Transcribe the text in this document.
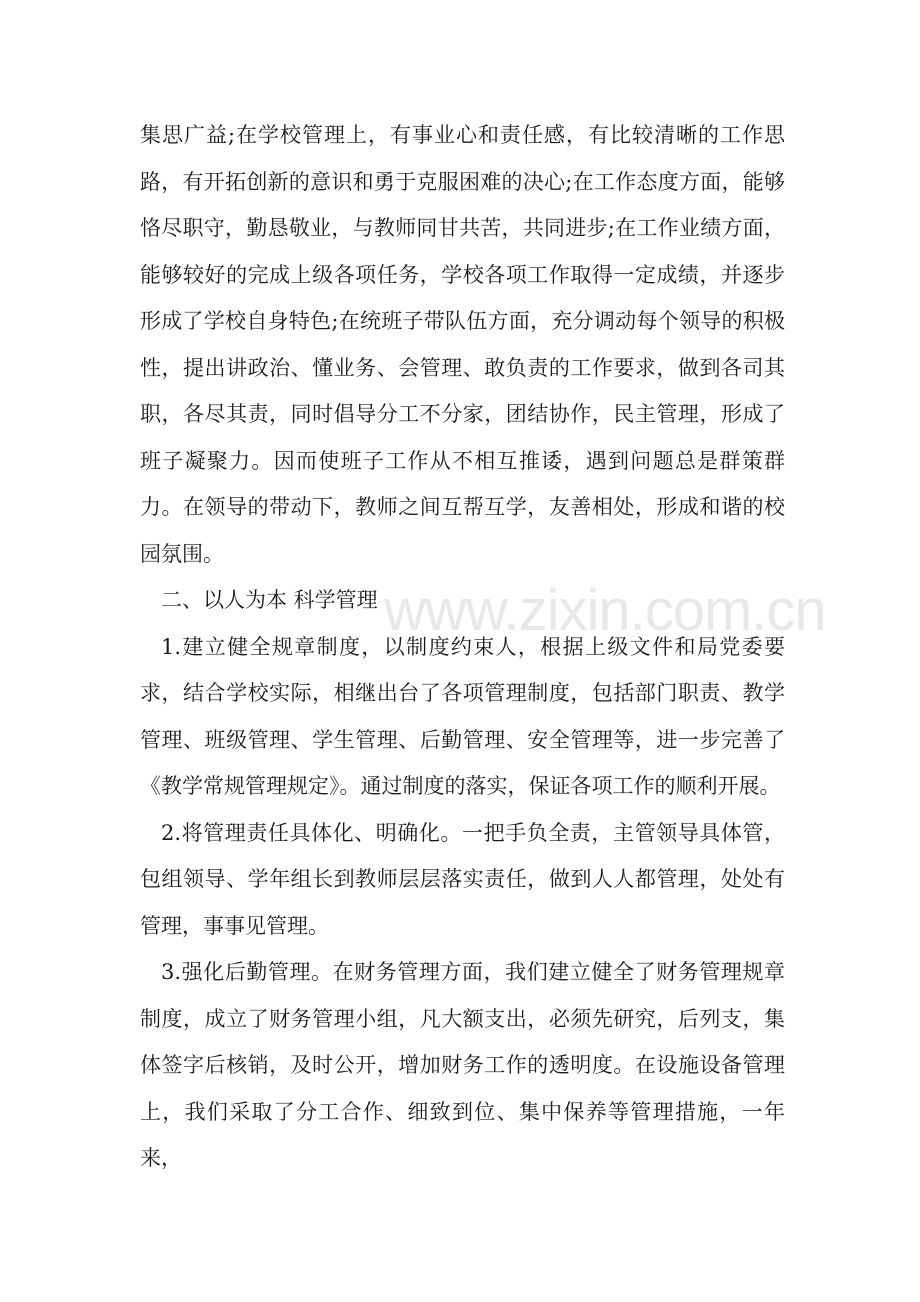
集思广益;在学校管理上，有事业心和责任感，有比较清晰的工作思路，有开拓创新的意识和勇于克服困难的决心;在工作态度方面，能够恪尽职守，勤恳敬业，与教师同甘共苦，共同进步;在工作业绩方面，能够较好的完成上级各项任务，学校各项工作取得一定成绩，并逐步形成了学校自身特色;在统班子带队伍方面，充分调动每个领导的积极性，提出讲政治、懂业务、会管理、敢负责的工作要求，做到各司其职，各尽其责，同时倡导分工不分家，团结协作，民主管理，形成了班子凝聚力。因而使班子工作从不相互推诿，遇到问题总是群策群力。在领导的带动下，教师之间互帮互学，友善相处，形成和谐的校园氛围。

二、以人为本 科学管理

1.建立健全规章制度，以制度约束人，根据上级文件和局党委要求，结合学校实际，相继出台了各项管理制度，包括部门职责、教学管理、班级管理、学生管理、后勤管理、安全管理等，进一步完善了《教学常规管理规定》。通过制度的落实，保证各项工作的顺利开展。

2.将管理责任具体化、明确化。一把手负全责，主管领导具体管，包组领导、学年组长到教师层层落实责任，做到人人都管理，处处有管理，事事见管理。

3.强化后勤管理。在财务管理方面，我们建立健全了财务管理规章制度，成立了财务管理小组，凡大额支出，必须先研究，后列支，集体签字后核销，及时公开，增加财务工作的透明度。在设施设备管理上，我们采取了分工合作、细致到位、集中保养等管理措施，一年来，

www.zixin.com.cn
